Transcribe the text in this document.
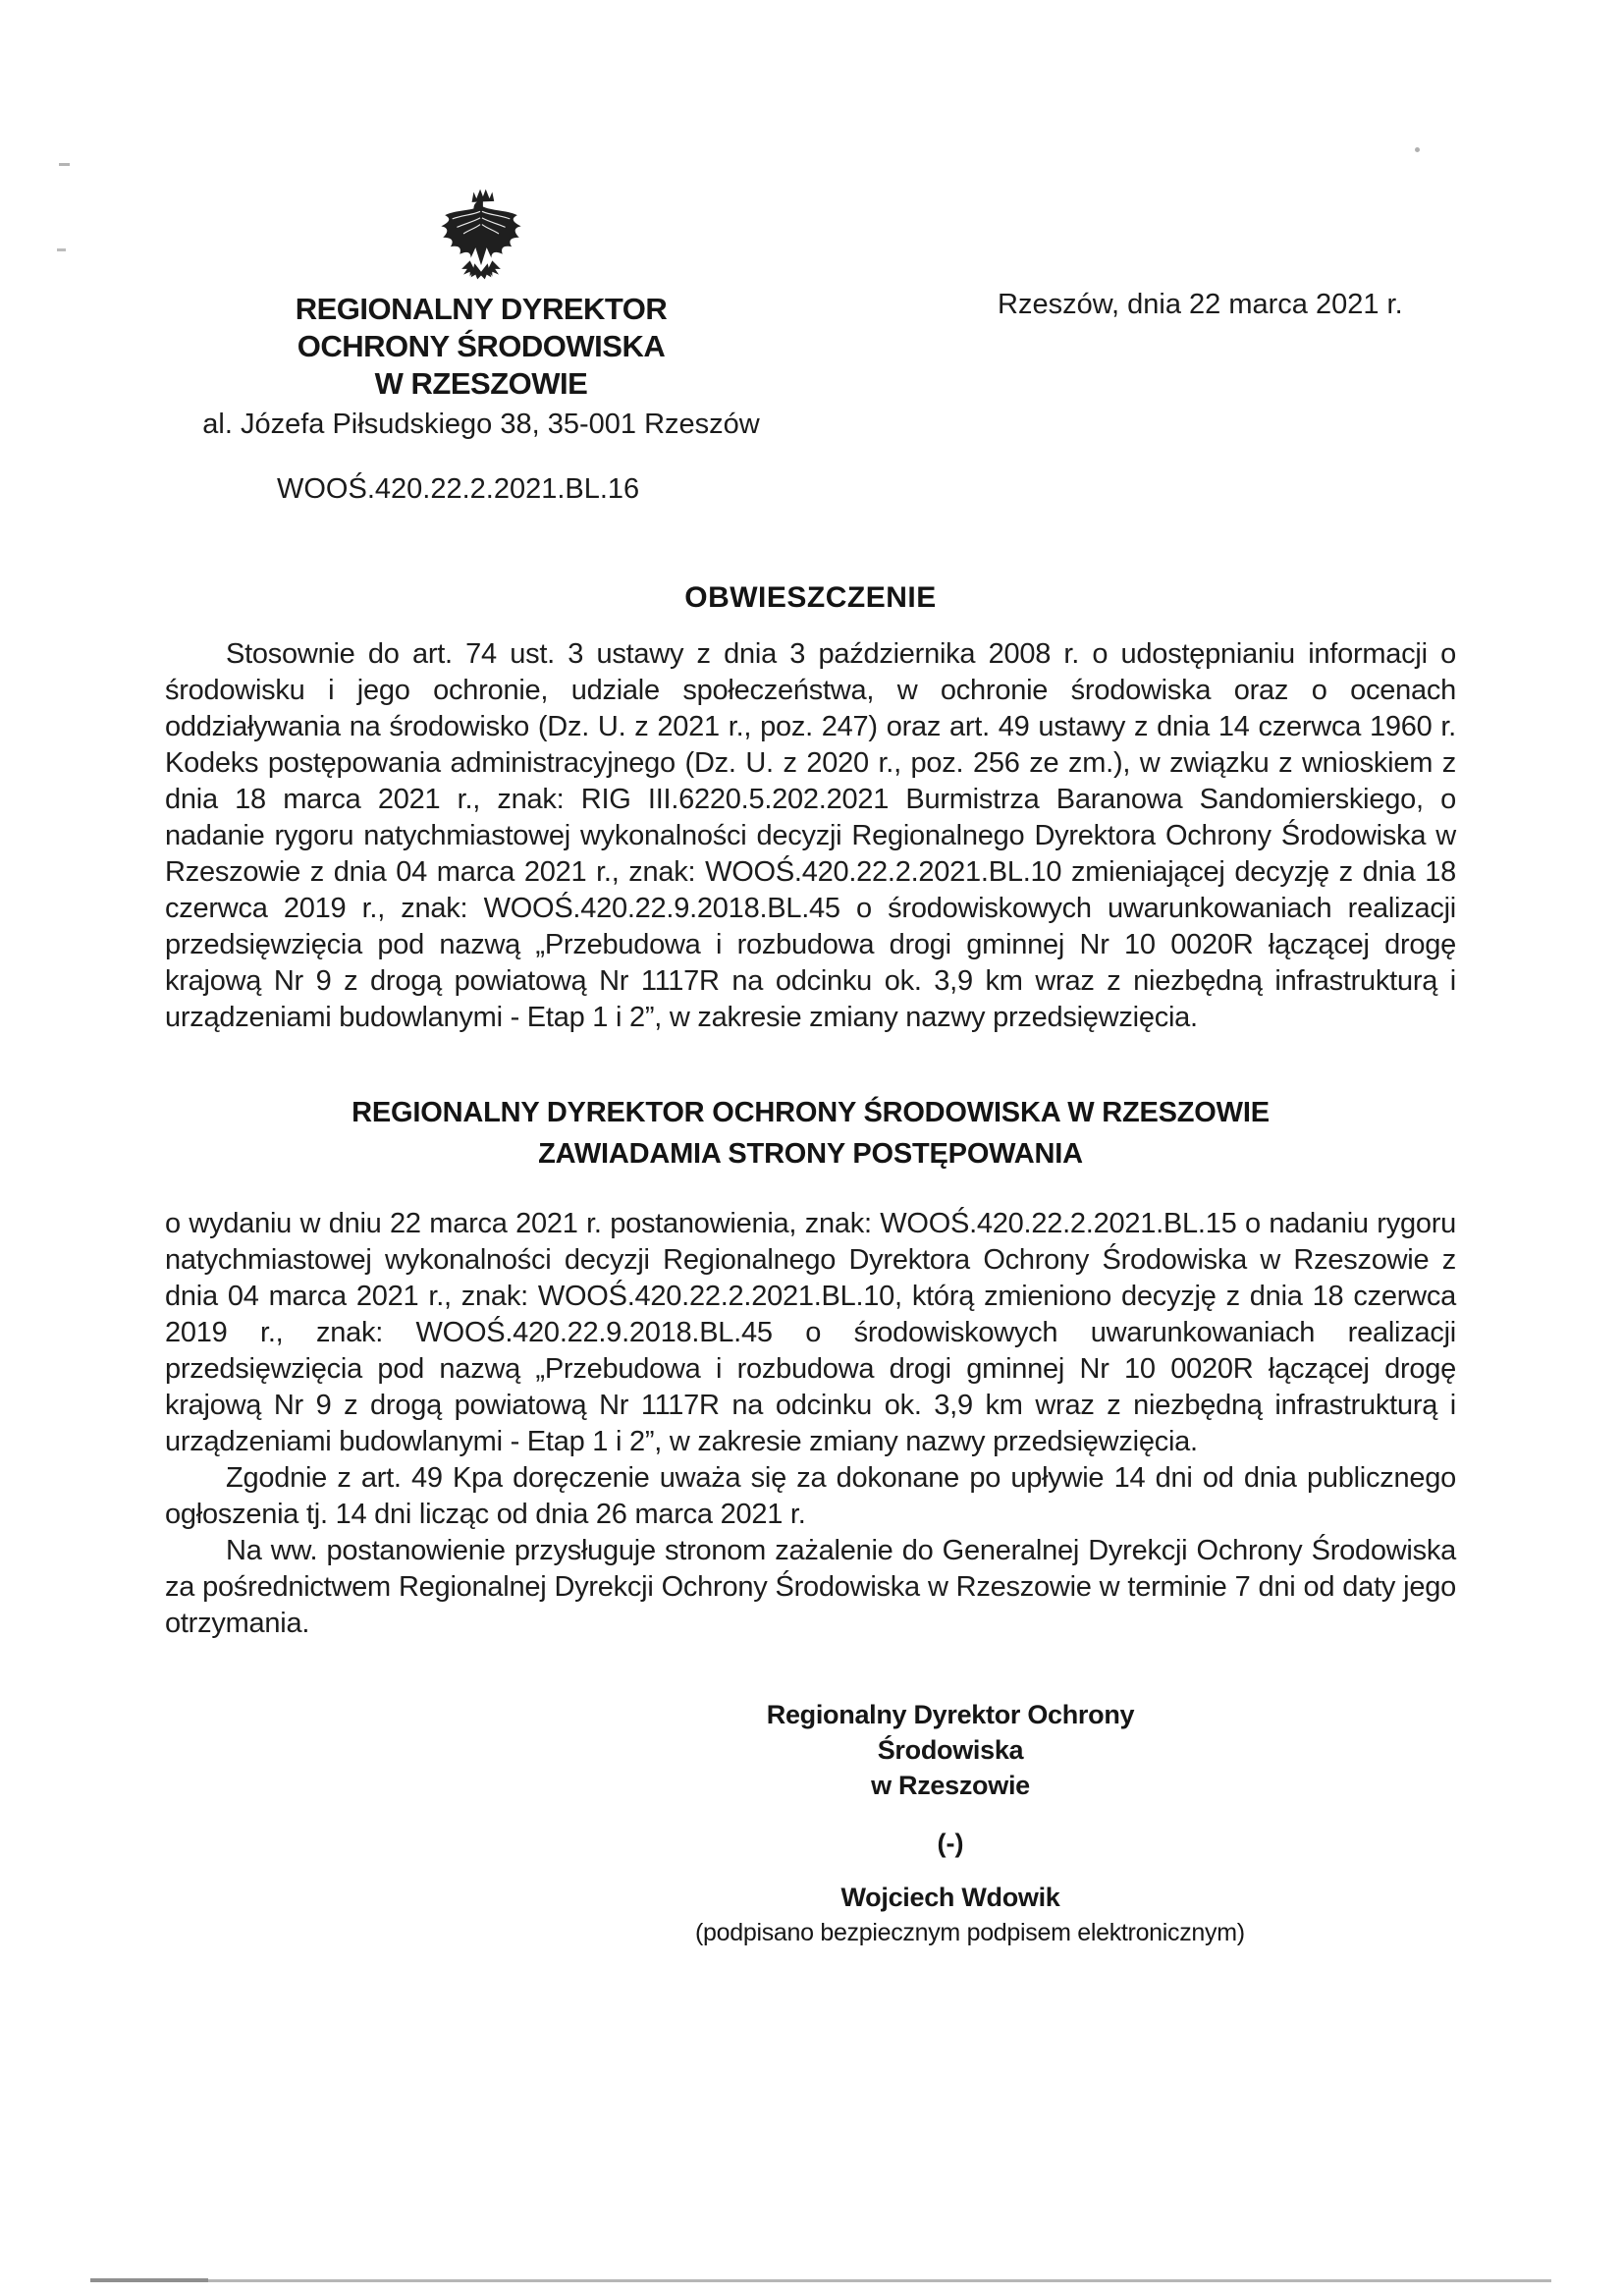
REGIONALNY DYREKTOR
OCHRONY ŚRODOWISKA
W RZESZOWIE
al. Józefa Piłsudskiego 38, 35-001 Rzeszów
Rzeszów, dnia 22 marca 2021 r.
WOOŚ.420.22.2.2021.BL.16
OBWIESZCZENIE

Stosownie do art. 74 ust. 3 ustawy z dnia 3 października 2008 r. o udostępnianiu informacji o środowisku i jego ochronie, udziale społeczeństwa, w ochronie środowiska oraz o ocenach oddziaływania na środowisko (Dz. U. z 2021 r., poz. 247) oraz art. 49 ustawy z dnia 14 czerwca 1960 r. Kodeks postępowania administracyjnego (Dz. U. z 2020 r., poz. 256 ze zm.), w związku z wnioskiem z dnia 18 marca 2021 r., znak: RIG III.6220.5.202.2021 Burmistrza Baranowa Sandomierskiego, o nadanie rygoru natychmiastowej wykonalności decyzji Regionalnego Dyrektora Ochrony Środowiska w Rzeszowie z dnia 04 marca 2021 r., znak: WOOŚ.420.22.2.2021.BL.10 zmieniającej decyzję z dnia 18 czerwca 2019 r., znak: WOOŚ.420.22.9.2018.BL.45 o środowiskowych uwarunkowaniach realizacji przedsięwzięcia pod nazwą „Przebudowa i rozbudowa drogi gminnej Nr 10 0020R łączącej drogę krajową Nr 9 z drogą powiatową Nr 1117R na odcinku ok. 3,9 km wraz z niezbędną infrastrukturą i urządzeniami budowlanymi - Etap 1 i 2”, w zakresie zmiany nazwy przedsięwzięcia.

REGIONALNY DYREKTOR OCHRONY ŚRODOWISKA W RZESZOWIE
ZAWIADAMIA STRONY POSTĘPOWANIA

o wydaniu w dniu 22 marca 2021 r. postanowienia, znak: WOOŚ.420.22.2.2021.BL.15 o nadaniu rygoru natychmiastowej wykonalności decyzji Regionalnego Dyrektora Ochrony Środowiska w Rzeszowie z dnia 04 marca 2021 r., znak: WOOŚ.420.22.2.2021.BL.10, którą zmieniono decyzję z dnia 18 czerwca 2019 r., znak: WOOŚ.420.22.9.2018.BL.45 o środowiskowych uwarunkowaniach realizacji przedsięwzięcia pod nazwą „Przebudowa i rozbudowa drogi gminnej Nr 10 0020R łączącej drogę krajową Nr 9 z drogą powiatową Nr 1117R na odcinku ok. 3,9 km wraz z niezbędną infrastrukturą i urządzeniami budowlanymi - Etap 1 i 2”, w zakresie zmiany nazwy przedsięwzięcia.

Zgodnie z art. 49 Kpa doręczenie uważa się za dokonane po upływie 14 dni od dnia publicznego ogłoszenia tj. 14 dni licząc od dnia 26 marca 2021 r.

Na ww. postanowienie przysługuje stronom zażalenie do Generalnej Dyrekcji Ochrony Środowiska za pośrednictwem Regionalnej Dyrekcji Ochrony Środowiska w Rzeszowie w terminie 7 dni od daty jego otrzymania.

Regionalny Dyrektor Ochrony Środowiska
w Rzeszowie
(-)
Wojciech Wdowik
(podpisano bezpiecznym podpisem elektronicznym)
